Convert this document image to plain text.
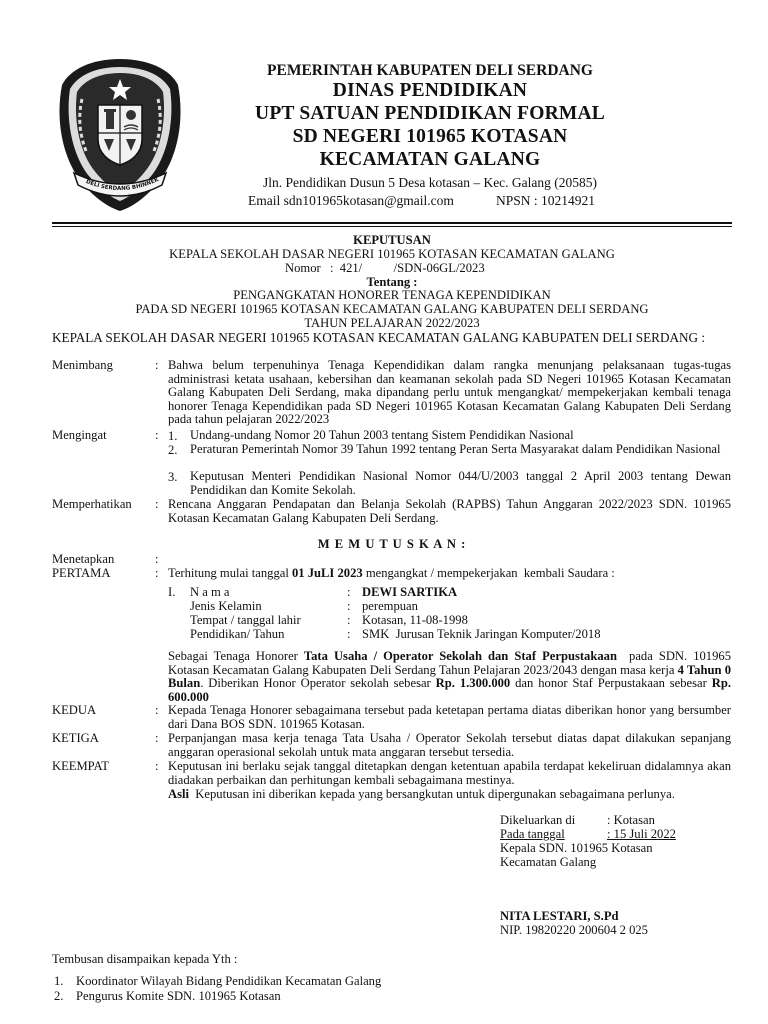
DELI SERDANG BHINNEK
PEMERINTAH KABUPATEN DELI SERDANG
DINAS PENDIDIKAN
UPT SATUAN PENDIDIKAN FORMAL
SD NEGERI 101965 KOTASAN
KECAMATAN GALANG
Jln. Pendidikan Dusun 5 Desa kotasan – Kec. Galang (20585)
Email sdn101965kotasan@gmail.com	NPSN : 10214921
KEPUTUSAN
KEPALA SEKOLAH DASAR NEGERI 101965 KOTASAN KECAMATAN GALANG
Nomor :  421/          /SDN-06GL/2023
Tentang :
PENGANGKATAN HONORER TENAGA KEPENDIDIKAN
PADA SD NEGERI 101965 KOTASAN KECAMATAN GALANG KABUPATEN DELI SERDANG
TAHUN PELAJARAN 2022/2023
KEPALA SEKOLAH DASAR NEGERI 101965 KOTASAN KECAMATAN GALANG KABUPATEN DELI SERDANG :
Menimbang	: Bahwa belum terpenuhinya Tenaga Kependidikan dalam rangka menunjang pelaksanaan tugas-tugas administrasi ketata usahaan, kebersihan dan keamanan sekolah pada SD Negeri 101965 Kotasan Kecamatan Galang Kabupaten Deli Serdang, maka dipandang perlu untuk mengangkat/ mempekerjakan kembali tenaga honorer Tenaga Kependidikan pada SD Negeri 101965 Kotasan Kecamatan Galang Kabupaten Deli Serdang pada tahun pelajaran 2022/2023
Mengingat	: 1. Undang-undang Nomor 20 Tahun 2003 tentang Sistem Pendidikan Nasional
2. Peraturan Pemerintah Nomor 39 Tahun 1992 tentang Peran Serta Masyarakat dalam Pendidikan Nasional
3. Keputusan Menteri Pendidikan Nasional Nomor 044/U/2003 tanggal 2 April 2003 tentang Dewan Pendidikan dan Komite Sekolah.
Memperhatikan : Rencana Anggaran Pendapatan dan Belanja Sekolah (RAPBS) Tahun Anggaran 2022/2023 SDN. 101965 Kotasan Kecamatan Galang Kabupaten Deli Serdang.
M E M U T U S K A N :
Menetapkan	:
PERTAMA	: Terhitung mulai tanggal 01 JuLI 2023 mengangkat / mempekerjakan  kembali Saudara :
I. N a m a	: DEWI SARTIKA
Jenis Kelamin	: perempuan
Tempat / tanggal lahir	: Kotasan, 11-08-1998
Pendidikan/ Tahun	: SMK  Jurusan Teknik Jaringan Komputer/2018
Sebagai Tenaga Honorer Tata Usaha / Operator Sekolah dan Staf Perpustakaan  pada SDN. 101965 Kotasan Kecamatan Galang Kabupaten Deli Serdang Tahun Pelajaran 2023/2043 dengan masa kerja 4 Tahun 0 Bulan. Diberikan Honor Operator sekolah sebesar Rp. 1.300.000 dan honor Staf Perpustakaan sebesar Rp. 600.000
KEDUA	: Kepada Tenaga Honorer sebagaimana tersebut pada ketetapan pertama diatas diberikan honor yang bersumber dari Dana BOS SDN. 101965 Kotasan.
KETIGA	: Perpanjangan masa kerja tenaga Tata Usaha / Operator Sekolah tersebut diatas dapat dilakukan sepanjang anggaran operasional sekolah untuk mata anggaran tersebut tersedia.
KEEMPAT	: Keputusan ini berlaku sejak tanggal ditetapkan dengan ketentuan apabila terdapat kekeliruan didalamnya akan diadakan perbaikan dan perhitungan kembali sebagaimana mestinya.
Asli  Keputusan ini diberikan kepada yang bersangkutan untuk dipergunakan sebagaimana perlunya.
Dikeluarkan di	: Kotasan
Pada tanggal	: 15 Juli 2022
Kepala SDN. 101965 Kotasan
Kecamatan Galang
NITA LESTARI, S.Pd
NIP. 19820220 200604 2 025
Tembusan disampaikan kepada Yth :
1. Koordinator Wilayah Bidang Pendidikan Kecamatan Galang
2. Pengurus Komite SDN. 101965 Kotasan
